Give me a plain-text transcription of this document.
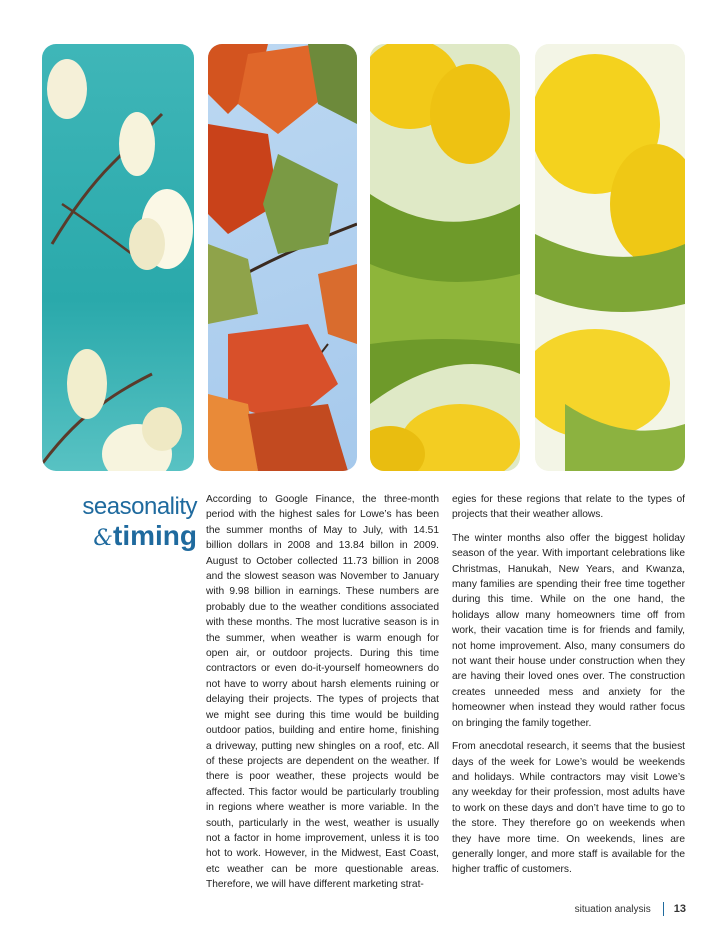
seasonality
&timing

According to Google Finance, the three-month period with the highest sales for Lowe’s has been the summer months of May to July, with 14.51 billion dollars in 2008 and 13.84 billon in 2009. August to October collected 11.73 billion in 2008 and the slowest season was November to January with 9.98 billion in earnings. These numbers are probably due to the weather conditions associated with these months. The most lucrative season is in the summer, when weather is warm enough for open air, or outdoor projects. During this time contractors or even do-it-yourself homeowners do not have to worry about harsh elements ruining or delaying their projects. The types of projects that we might see during this time would be building outdoor patios, building and entire home, finishing a driveway, putting new shingles on a roof, etc. All of these projects are dependent on the weather. If there is poor weather, these projects would be affected. This factor would be particularly troubling in regions where weather is more variable. In the south, particularly in the west, weather is usually not a factor in home improvement, unless it is too hot to work. However, in the Midwest, East Coast, etc weather can be more questionable areas. Therefore, we will have different marketing strat-

egies for these regions that relate to the types of projects that their weather allows.

The winter months also offer the biggest holiday season of the year. With important celebrations like Christmas, Hanukah, New Years, and Kwanza, many families are spending their free time together during this time. While on the one hand, the holidays allow many homeowners time off from work, their vacation time is for friends and family, not home improvement. Also, many consumers do not want their house under construction when they are having their loved ones over. The construction creates unneeded mess and anxiety for the homeowner when instead they would rather focus on bringing the family together.

From anecdotal research, it seems that the busiest days of the week for Lowe’s would be weekends and holidays. While contractors may visit Lowe’s any weekday for their profession, most adults have to work on these days and don’t have time to go to the store. They therefore go on weekends when they have more time. On weekends, lines are generally longer, and more staff is available for the higher traffic of customers.

situation analysis 13
